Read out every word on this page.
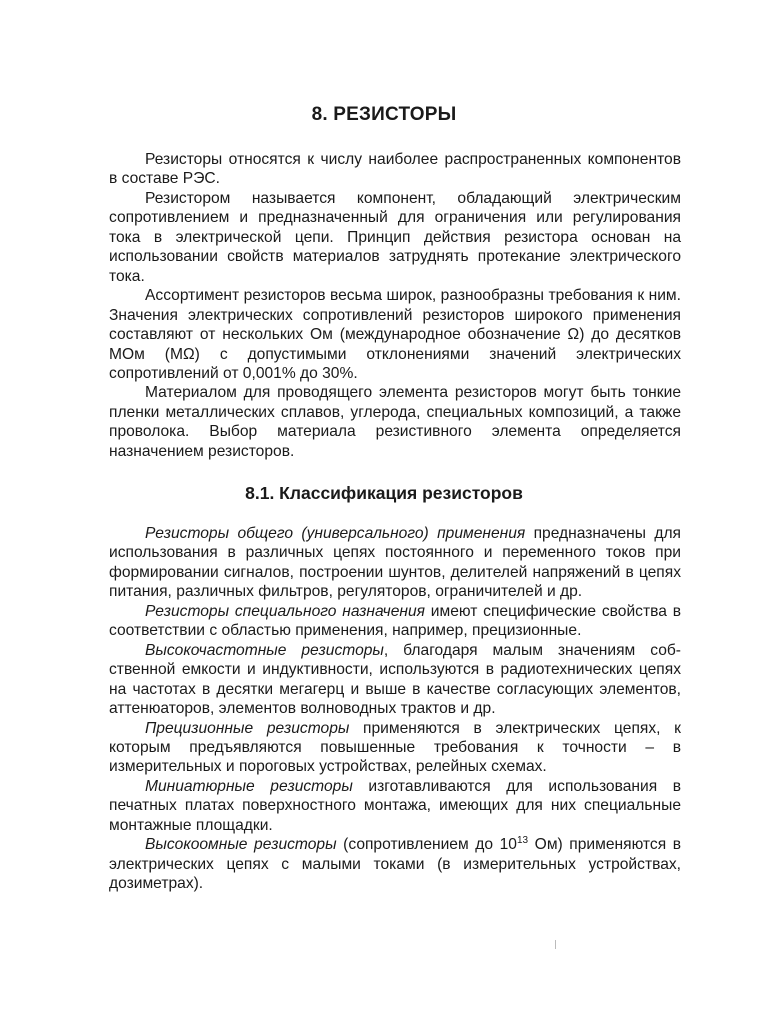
8. РЕЗИСТОРЫ

Резисторы относятся к числу наиболее распространенных компонентов в составе РЭС.

Резистором называется компонент, обладающий электрическим сопротивлением и предназначенный для ограничения или регулирования тока в электрической цепи. Принцип действия резистора основан на использовании свойств материалов затруднять протекание электрического тока.

Ассортимент резисторов весьма широк, разнообразны требования к ним. Значения электрических сопротивлений резисторов широкого применения составляют от нескольких Ом (международное обозначение Ω) до десятков МОм (МΩ) с допустимыми отклонениями значений электрических сопротивлений от 0,001% до 30%.

Материалом для проводящего элемента резисторов могут быть тонкие пленки металлических сплавов, углерода, специальных композиций, а также проволока. Выбор материала резистивного элемента определяется назначением резисторов.

8.1. Классификация резисторов

Резисторы общего (универсального) применения предназначены для использования в различных цепях постоянного и переменного токов при формировании сигналов, построении шунтов, делителей напряжений в цепях питания, различных фильтров, регуляторов, ограничителей и др.

Резисторы специального назначения имеют специфические свойства в соответствии с областью применения, например, прецизионные.

Высокочастотные резисторы, благодаря малым значениям собственной емкости и индуктивности, используются в радиотехнических цепях на частотах в десятки мегагерц и выше в качестве согласующих элементов, аттенюаторов, элементов волноводных трактов и др.

Прецизионные резисторы применяются в электрических цепях, к которым предъявляются повышенные требования к точности – в измерительных и пороговых устройствах, релейных схемах.

Миниатюрные резисторы изготавливаются для использования в печатных платах поверхностного монтажа, имеющих для них специальные монтажные площадки.

Высокоомные резисторы (сопротивлением до $10^{13}$ Ом) применяются в электрических цепях с малыми токами (в измерительных устройствах, дозиметрах).
